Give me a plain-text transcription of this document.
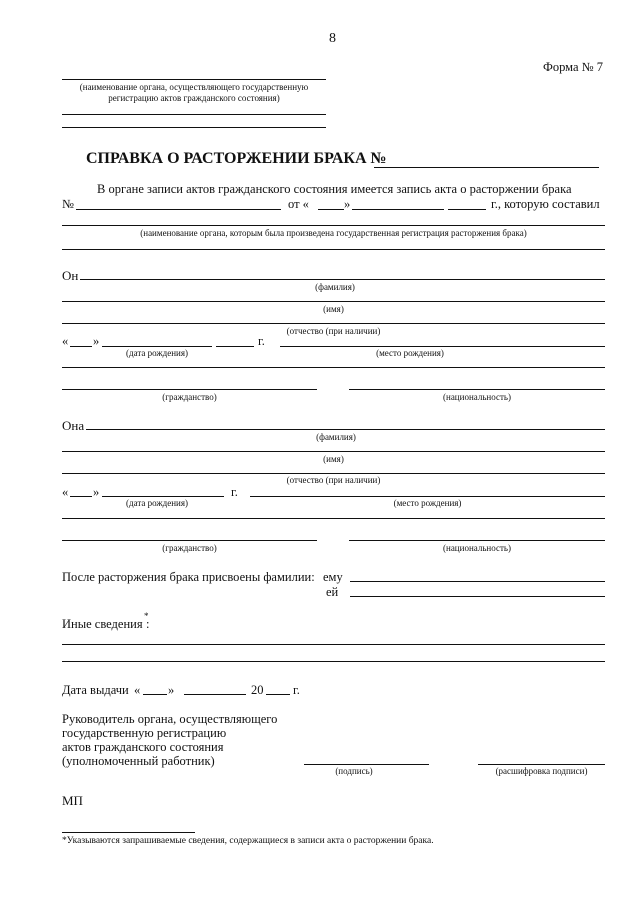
8
Форма № 7
(наименование органа, осуществляющего государственную
регистрацию актов гражданского состояния)
СПРАВКА О РАСТОРЖЕНИИ БРАКА №
В органе записи актов гражданского состояния имеется запись акта о расторжении брака
№	от «	»	г., которую составил
(наименование органа, которым была произведена государственная регистрация расторжения брака)
Он
(фамилия)
(имя)
(отчество (при наличии)
« »	г.
(дата рождения)	(место рождения)
(гражданство)	(национальность)
Она
(фамилия)
(имя)
(отчество (при наличии)
« »	г.
(дата рождения)	(место рождения)
(гражданство)	(национальность)
После расторжения брака присвоены фамилии: ему
ей
Иные сведения
*
:
Дата выдачи « »	20 г.
Руководитель органа, осуществляющего
государственную регистрацию
актов гражданского состояния
(уполномоченный работник)
(подпись)	(расшифровка подписи)
МП
*Указываются запрашиваемые сведения, содержащиеся в записи акта о расторжении брака.
